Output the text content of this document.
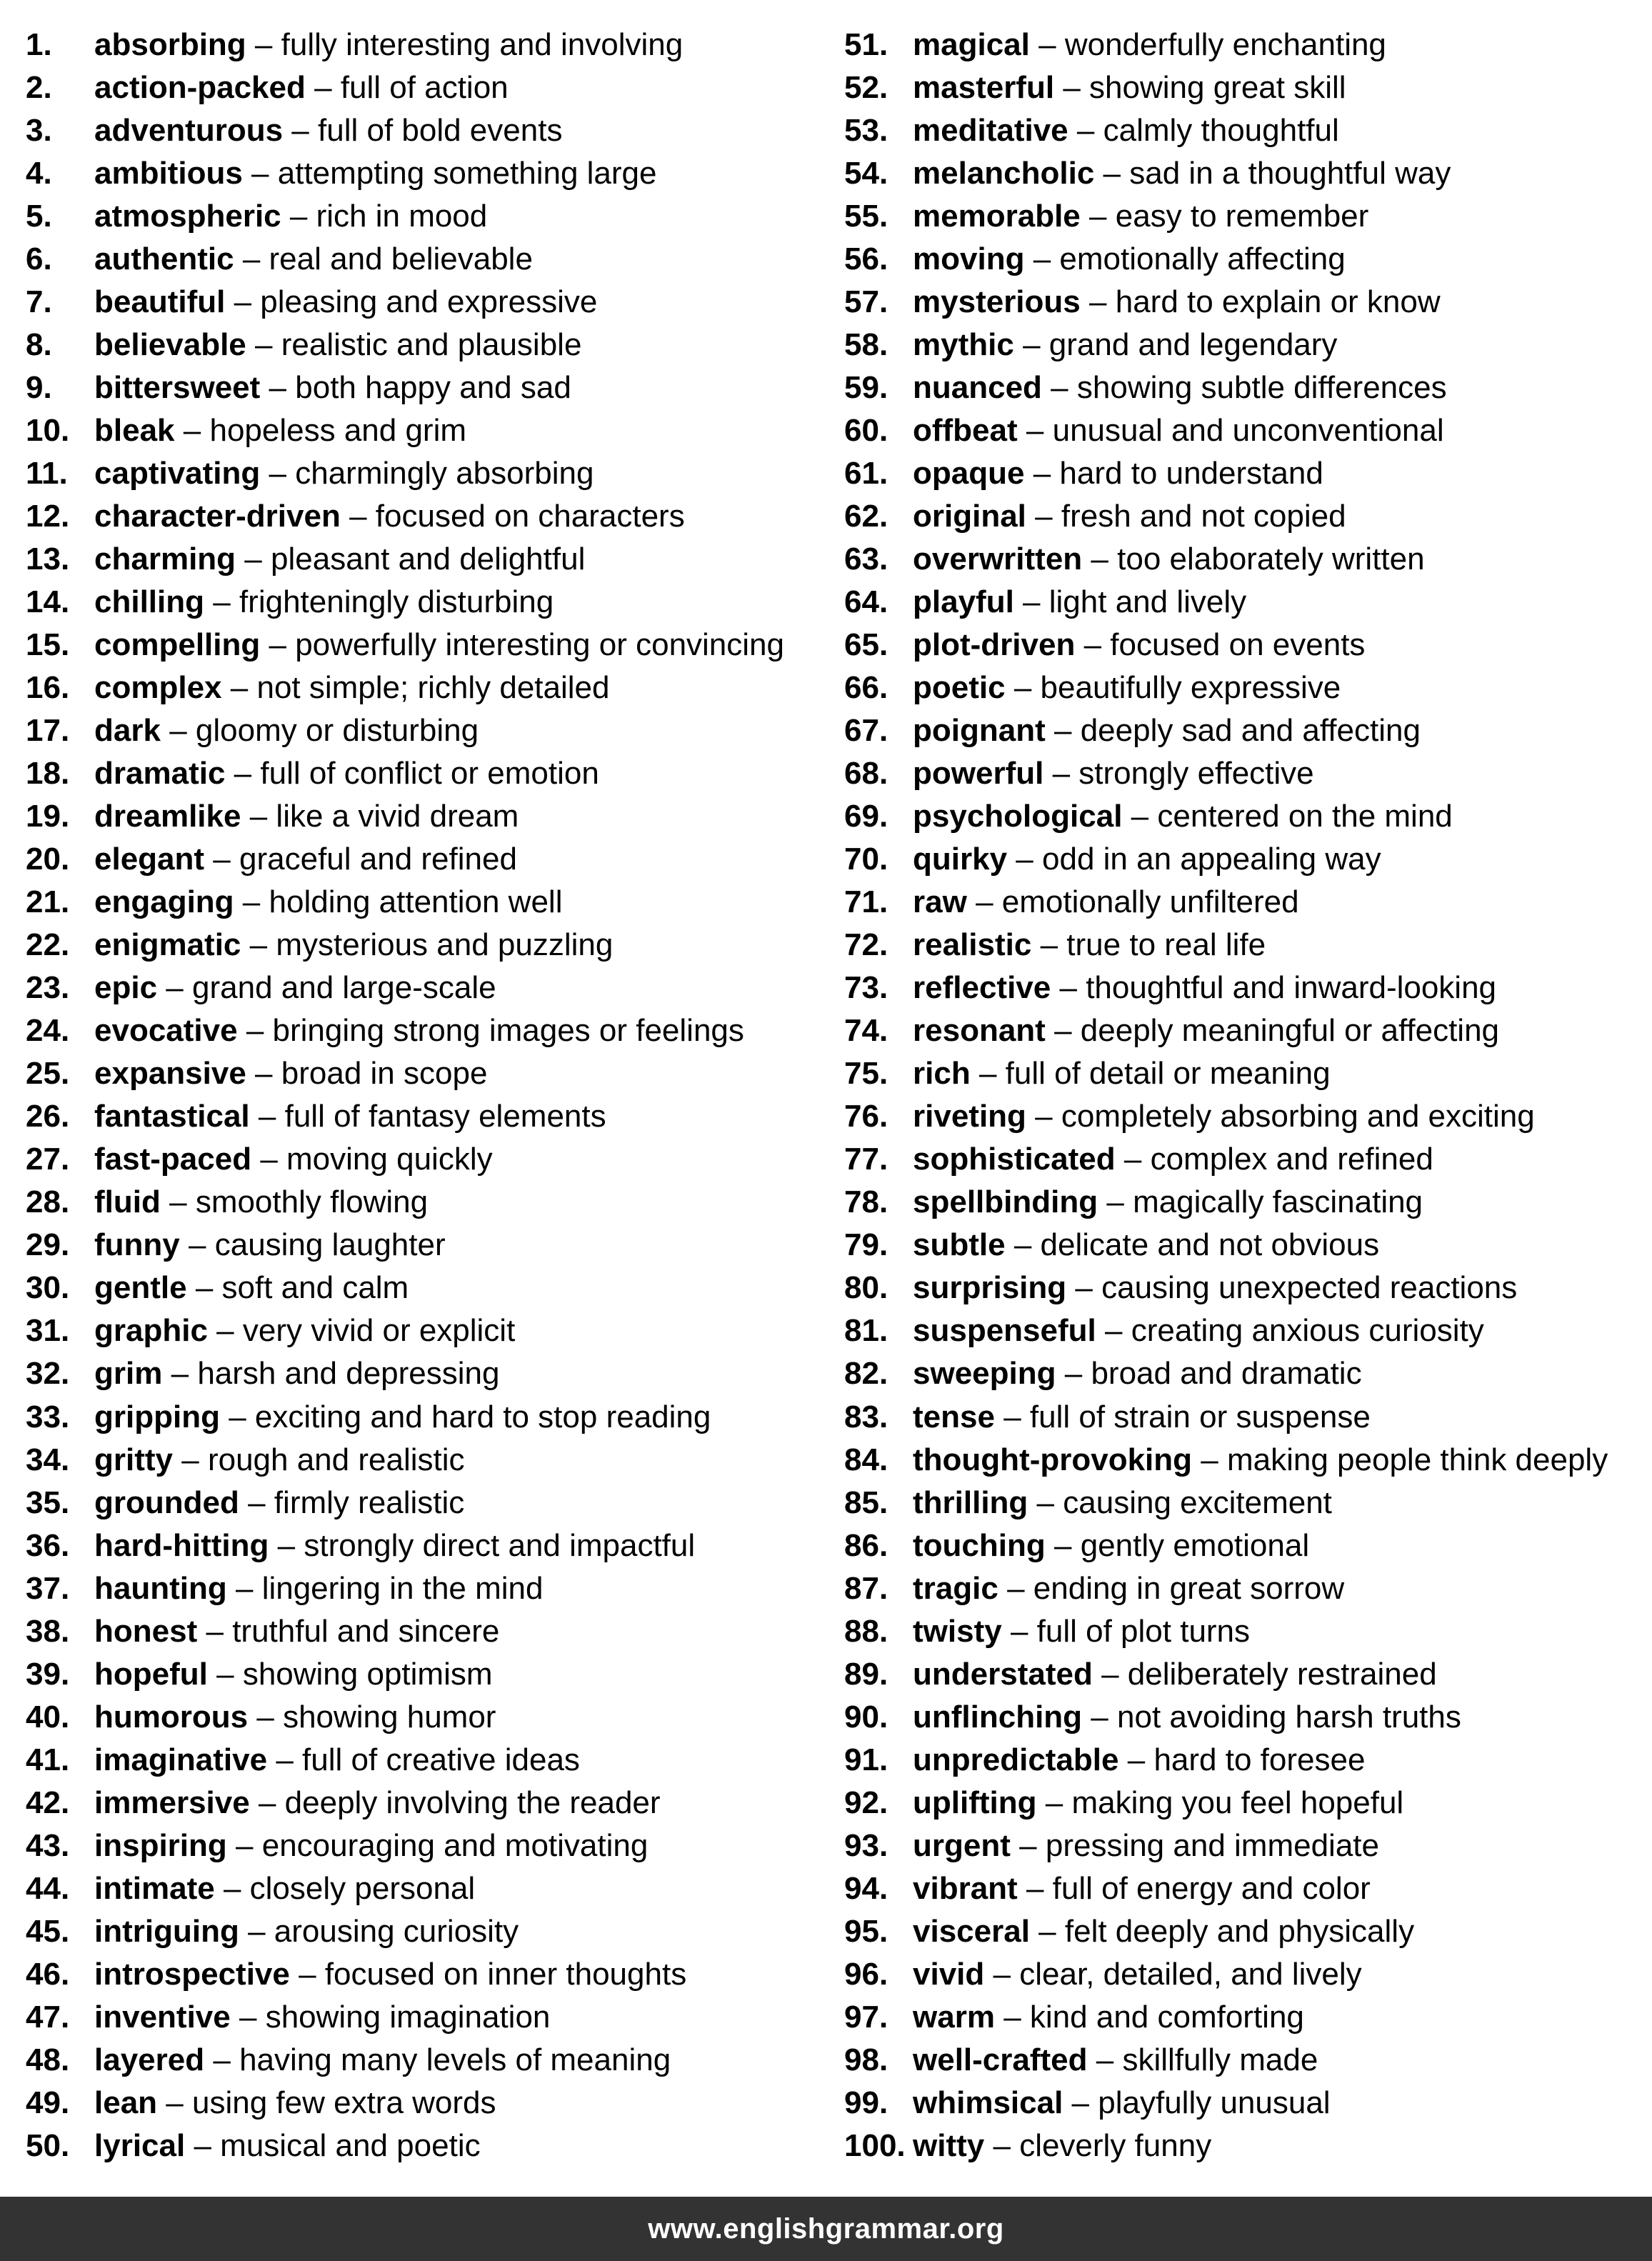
1.	absorbing – fully interesting and involving
2.	action-packed – full of action
3.	adventurous – full of bold events
4.	ambitious – attempting something large
5.	atmospheric – rich in mood
6.	authentic – real and believable
7.	beautiful – pleasing and expressive
8.	believable – realistic and plausible
9.	bittersweet – both happy and sad
10. bleak – hopeless and grim
11. captivating – charmingly absorbing
12. character-driven – focused on characters
13. charming – pleasant and delightful
14. chilling – frighteningly disturbing
15. compelling – powerfully interesting or convincing
16. complex – not simple; richly detailed
17. dark – gloomy or disturbing
18. dramatic – full of conflict or emotion
19. dreamlike – like a vivid dream
20. elegant – graceful and refined
21. engaging – holding attention well
22. enigmatic – mysterious and puzzling
23. epic – grand and large-scale
24. evocative – bringing strong images or feelings
25. expansive – broad in scope
26. fantastical – full of fantasy elements
27. fast-paced – moving quickly
28. fluid – smoothly flowing
29. funny – causing laughter
30. gentle – soft and calm
31. graphic – very vivid or explicit
32. grim – harsh and depressing
33. gripping – exciting and hard to stop reading
34. gritty – rough and realistic
35. grounded – firmly realistic
36. hard-hitting – strongly direct and impactful
37. haunting – lingering in the mind
38. honest – truthful and sincere
39. hopeful – showing optimism
40. humorous – showing humor
41. imaginative – full of creative ideas
42. immersive – deeply involving the reader
43. inspiring – encouraging and motivating
44. intimate – closely personal
45. intriguing – arousing curiosity
46. introspective – focused on inner thoughts
47. inventive – showing imagination
48. layered – having many levels of meaning
49. lean – using few extra words
50. lyrical – musical and poetic
51. magical – wonderfully enchanting
52. masterful – showing great skill
53. meditative – calmly thoughtful
54. melancholic – sad in a thoughtful way
55. memorable – easy to remember
56. moving – emotionally affecting
57. mysterious – hard to explain or know
58. mythic – grand and legendary
59. nuanced – showing subtle differences
60. offbeat – unusual and unconventional
61. opaque – hard to understand
62. original – fresh and not copied
63. overwritten – too elaborately written
64. playful – light and lively
65. plot-driven – focused on events
66. poetic – beautifully expressive
67. poignant – deeply sad and affecting
68. powerful – strongly effective
69. psychological – centered on the mind
70. quirky – odd in an appealing way
71. raw – emotionally unfiltered
72. realistic – true to real life
73. reflective – thoughtful and inward-looking
74. resonant – deeply meaningful or affecting
75. rich – full of detail or meaning
76. riveting – completely absorbing and exciting
77. sophisticated – complex and refined
78. spellbinding – magically fascinating
79. subtle – delicate and not obvious
80. surprising – causing unexpected reactions
81. suspenseful – creating anxious curiosity
82. sweeping – broad and dramatic
83. tense – full of strain or suspense
84. thought-provoking – making people think deeply
85. thrilling – causing excitement
86. touching – gently emotional
87. tragic – ending in great sorrow
88. twisty – full of plot turns
89. understated – deliberately restrained
90. unflinching – not avoiding harsh truths
91. unpredictable – hard to foresee
92. uplifting – making you feel hopeful
93. urgent – pressing and immediate
94. vibrant – full of energy and color
95. visceral – felt deeply and physically
96. vivid – clear, detailed, and lively
97. warm – kind and comforting
98. well-crafted – skillfully made
99. whimsical – playfully unusual
100. witty – cleverly funny
www.englishgrammar.org
